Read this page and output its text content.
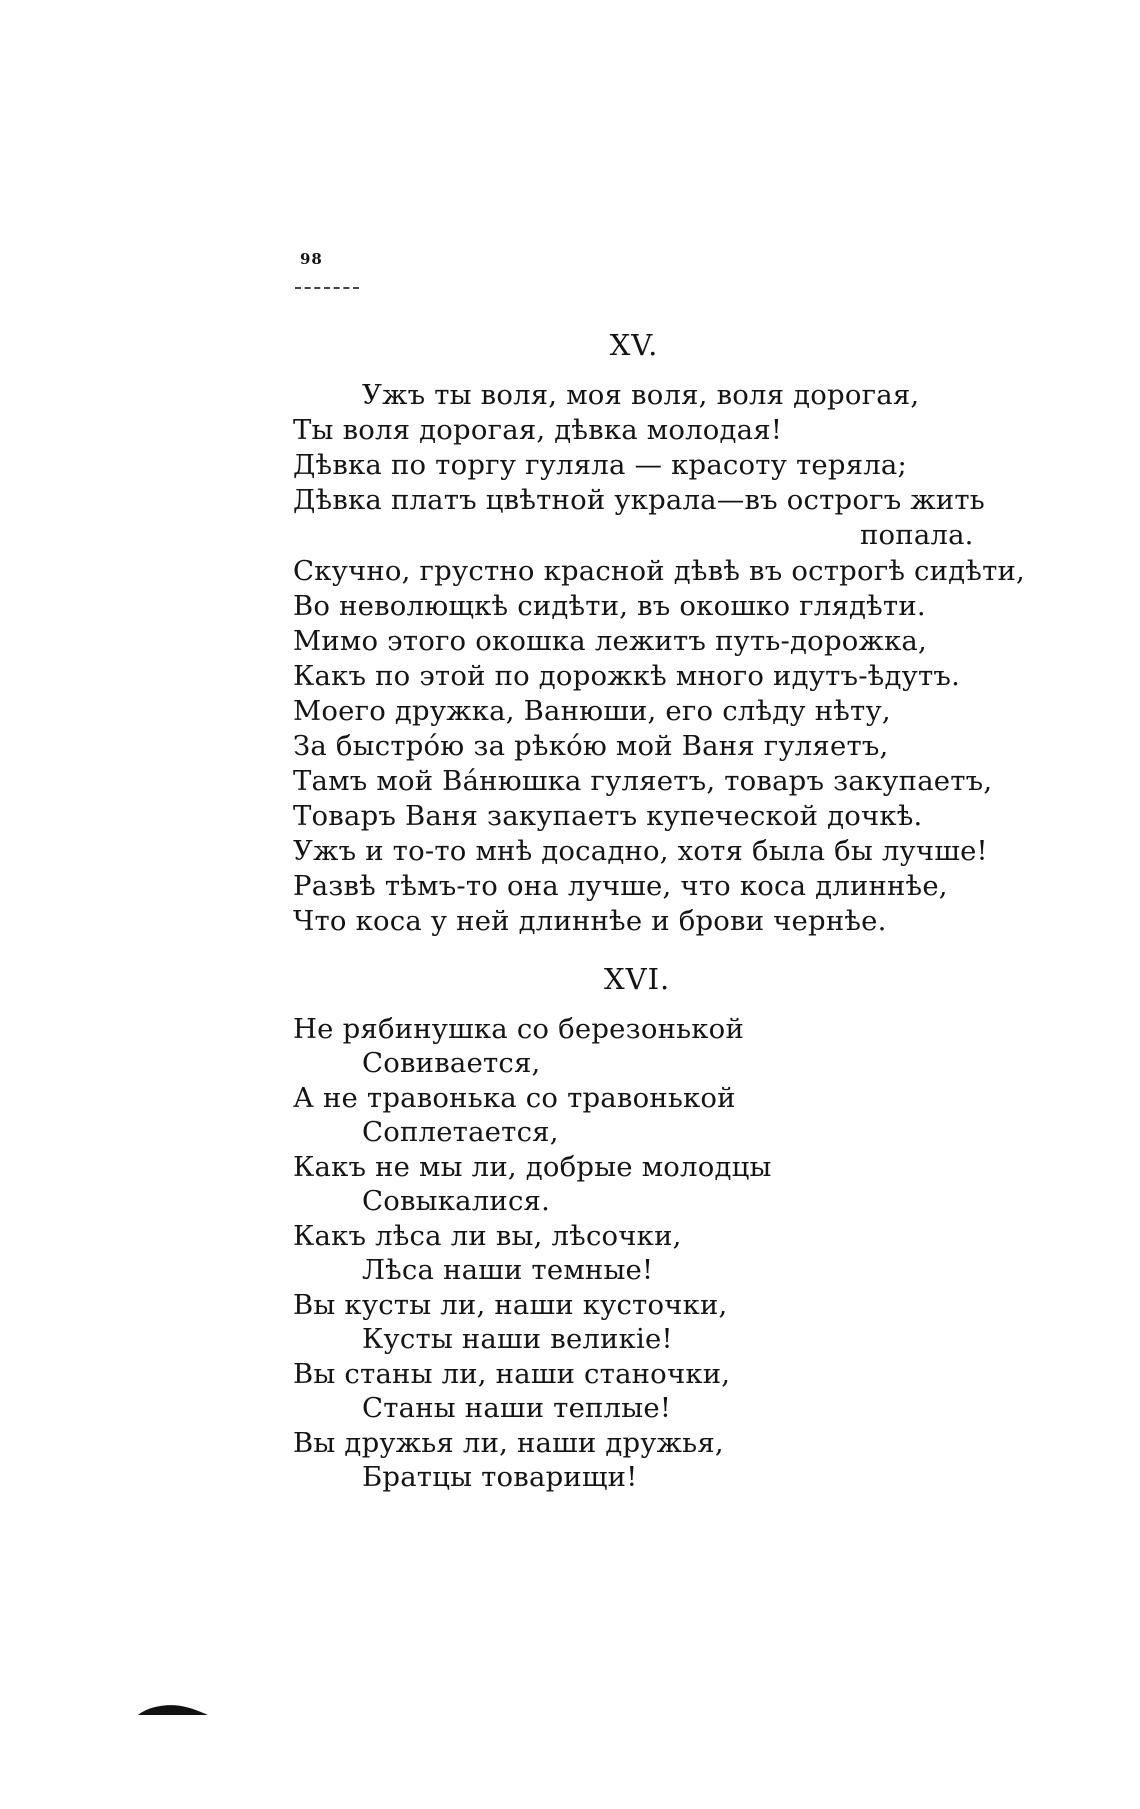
98
XV.
Ужъ ты воля, моя воля, воля дорогая,
Ты воля дорогая, дѣвка молодая!
Дѣвка по торгу гуляла — красоту теряла;
Дѣвка платъ цвѣтной украла—въ острогъ жить
попала.
Скучно, грустно красной дѣвѣ въ острогѣ сидѣти,
Во неволющкѣ сидѣти, въ окошко глядѣти.
Мимо этого окошка лежитъ путь-дорожка,
Какъ по этой по дорожкѣ много идутъ-ѣдутъ.
Моего дружка, Ванюши, его слѣду нѣту,
За быстрóю за рѣкóю мой Ваня гуляетъ,
Тамъ мой Вáнюшка гуляетъ, товаръ закупаетъ,
Товаръ Ваня закупаетъ купеческой дочкѣ.
Ужъ и то-то мнѣ досадно, хотя была бы лучше!
Развѣ тѣмъ-то она лучше, что коса длиннѣе,
Что коса у ней длиннѣе и брови чернѣе.
XVI.
Не рябинушка со березонькой
Совивается,
А не травонька со травонькой
Соплетается,
Какъ не мы ли, добрые молодцы
Совыкалися.
Какъ лѣса ли вы, лѣсочки,
Лѣса наши темные!
Вы кусты ли, наши кусточки,
Кусты наши великіе!
Вы станы ли, наши станочки,
Станы наши теплые!
Вы дружья ли, наши дружья,
Братцы товарищи!
